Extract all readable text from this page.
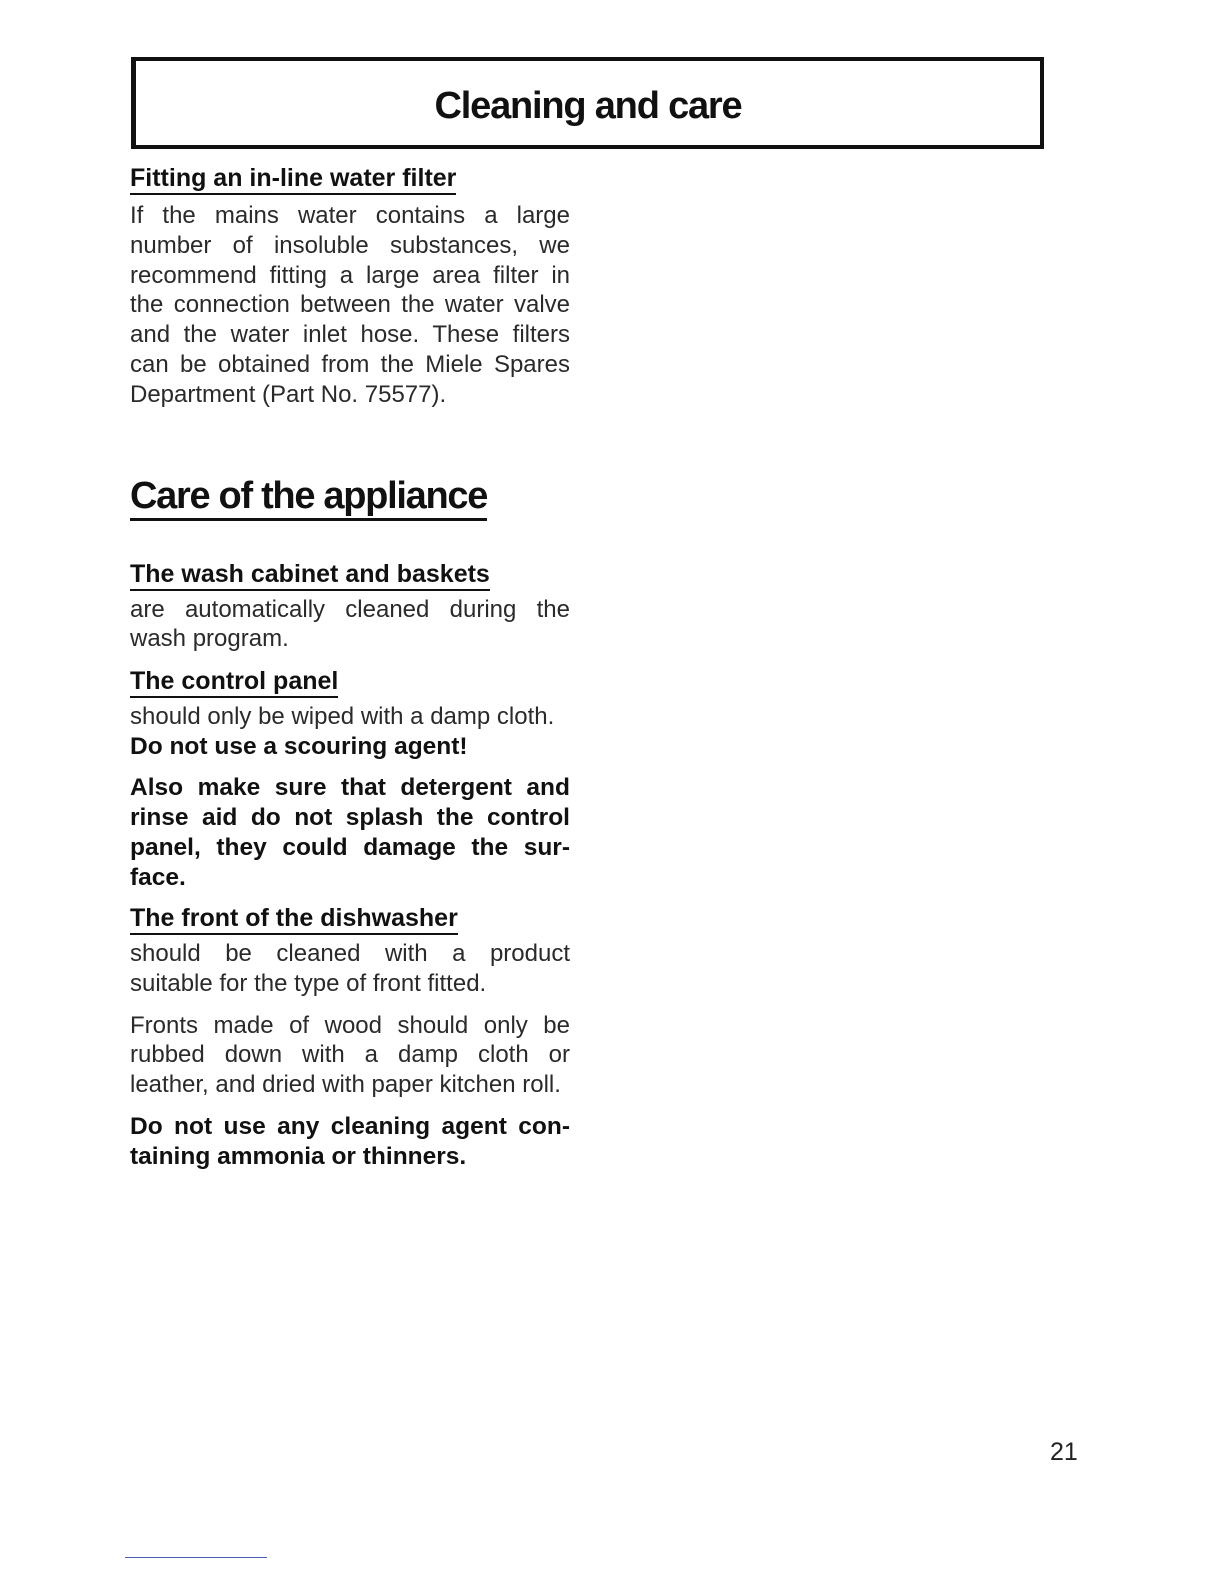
Cleaning and care
Fitting an in-line water filter

If the mains water contains a large number of insoluble substances, we recommend fitting a large area filter in the connection between the water valve and the water inlet hose. These filters can be obtained from the Miele Spares Department (Part No. 75577).

Care of the appliance
The wash cabinet and baskets

are automatically cleaned during the wash program.

The control panel

should only be wiped with a damp cloth.

Do not use a scouring agent!

Also make sure that detergent and rinse aid do not splash the control panel, they could damage the sur-face.

The front of the dishwasher

should be cleaned with a product suitable for the type of front fitted.

Fronts made of wood should only be rubbed down with a damp cloth or leather, and dried with paper kitchen roll.

Do not use any cleaning agent con-taining ammonia or thinners.

21
